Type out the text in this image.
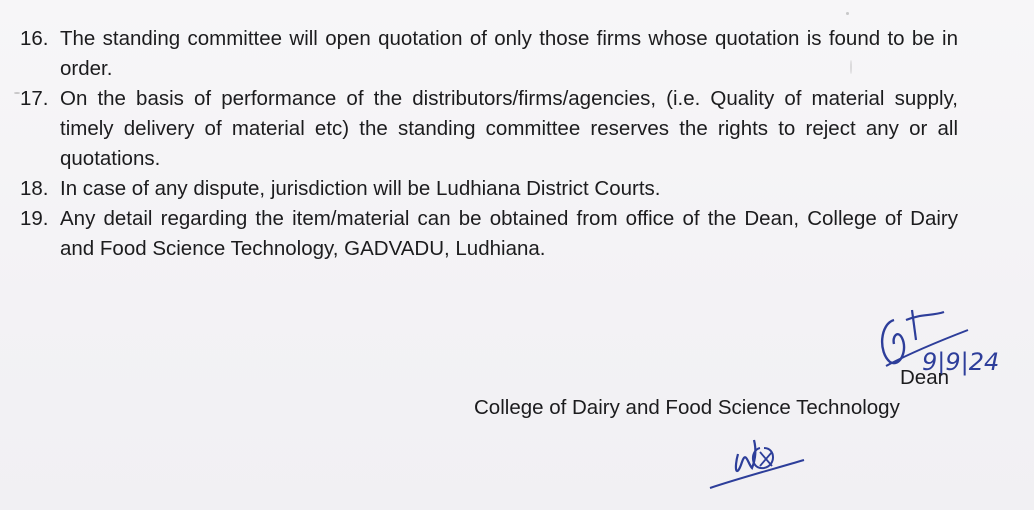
16. The standing committee will open quotation of only those firms whose quotation is found to be in order.
17. On the basis of performance of the distributors/firms/agencies, (i.e. Quality of material supply, timely delivery of material etc) the standing committee reserves the rights to reject any or all quotations.
18. In case of any dispute, jurisdiction will be Ludhiana District Courts.
19. Any detail regarding the item/material can be obtained from office of the Dean, College of Dairy and Food Science Technology, GADVADU, Ludhiana.
9|9|24
Dean
College of Dairy and Food Science Technology
